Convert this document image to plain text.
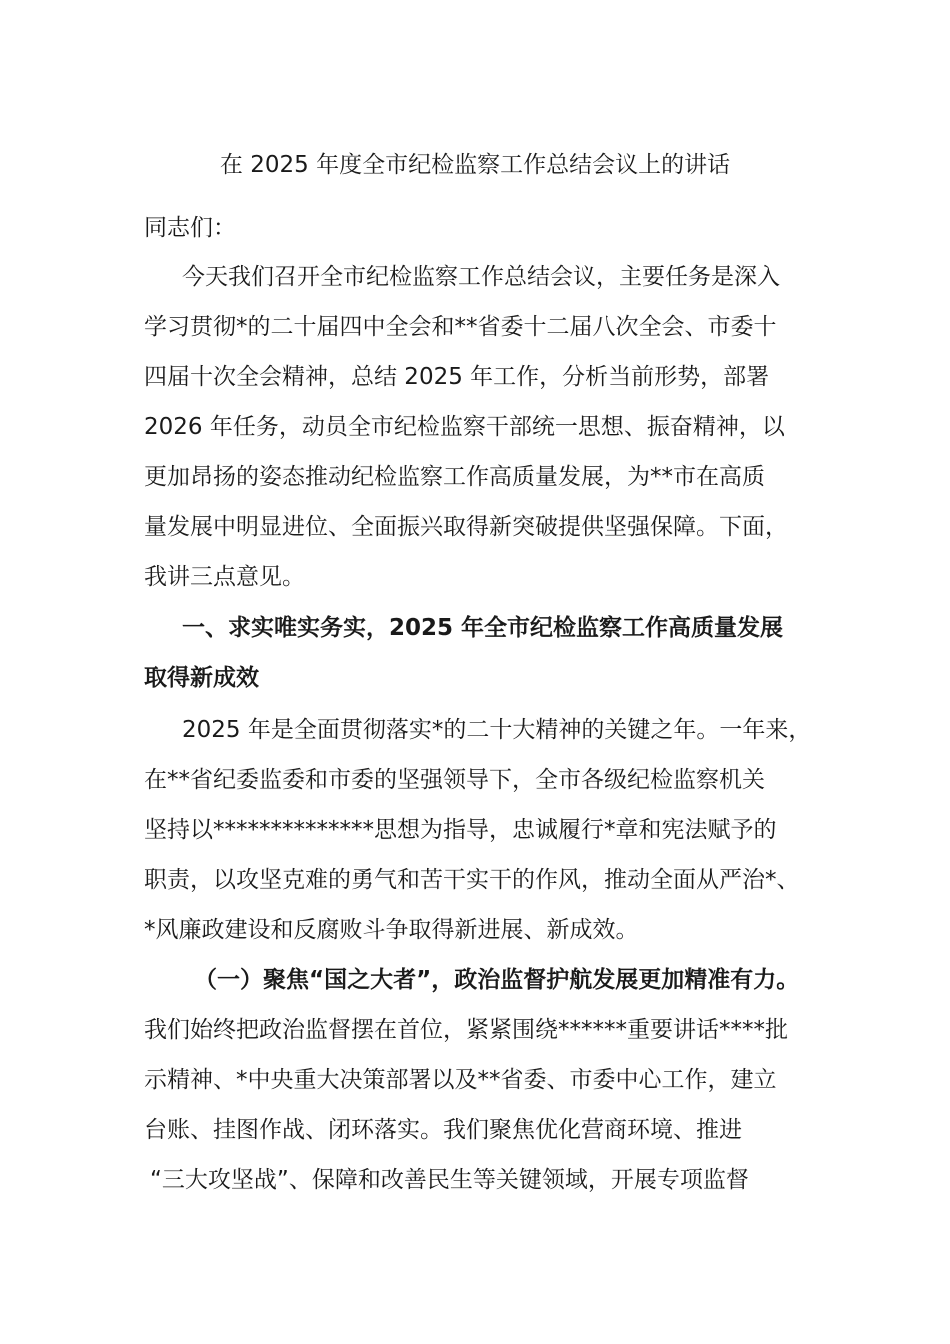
在 2025 年度全市纪检监察工作总结会议上的讲话
同志们：
今天我们召开全市纪检监察工作总结会议，主要任务是深入
学习贯彻*的二十届四中全会和**省委十二届八次全会、市委十
四届十次全会精神，总结 2025 年工作，分析当前形势，部署
2026 年任务，动员全市纪检监察干部统一思想、振奋精神，以
更加昂扬的姿态推动纪检监察工作高质量发展，为**市在高质
量发展中明显进位、全面振兴取得新突破提供坚强保障。下面，
我讲三点意见。
一、求实唯实务实，2025 年全市纪检监察工作高质量发展
取得新成效
2025 年是全面贯彻落实*的二十大精神的关键之年。一年来，
在**省纪委监委和市委的坚强领导下，全市各级纪检监察机关
坚持以**************思想为指导，忠诚履行*章和宪法赋予的
职责，以攻坚克难的勇气和苦干实干的作风，推动全面从严治*、
*风廉政建设和反腐败斗争取得新进展、新成效。
（一）聚焦“国之大者”，政治监督护航发展更加精准有力。
我们始终把政治监督摆在首位，紧紧围绕******重要讲话****批
示精神、*中央重大决策部署以及**省委、市委中心工作，建立
台账、挂图作战、闭环落实。我们聚焦优化营商环境、推进
“三大攻坚战”、保障和改善民生等关键领域，开展专项监督
